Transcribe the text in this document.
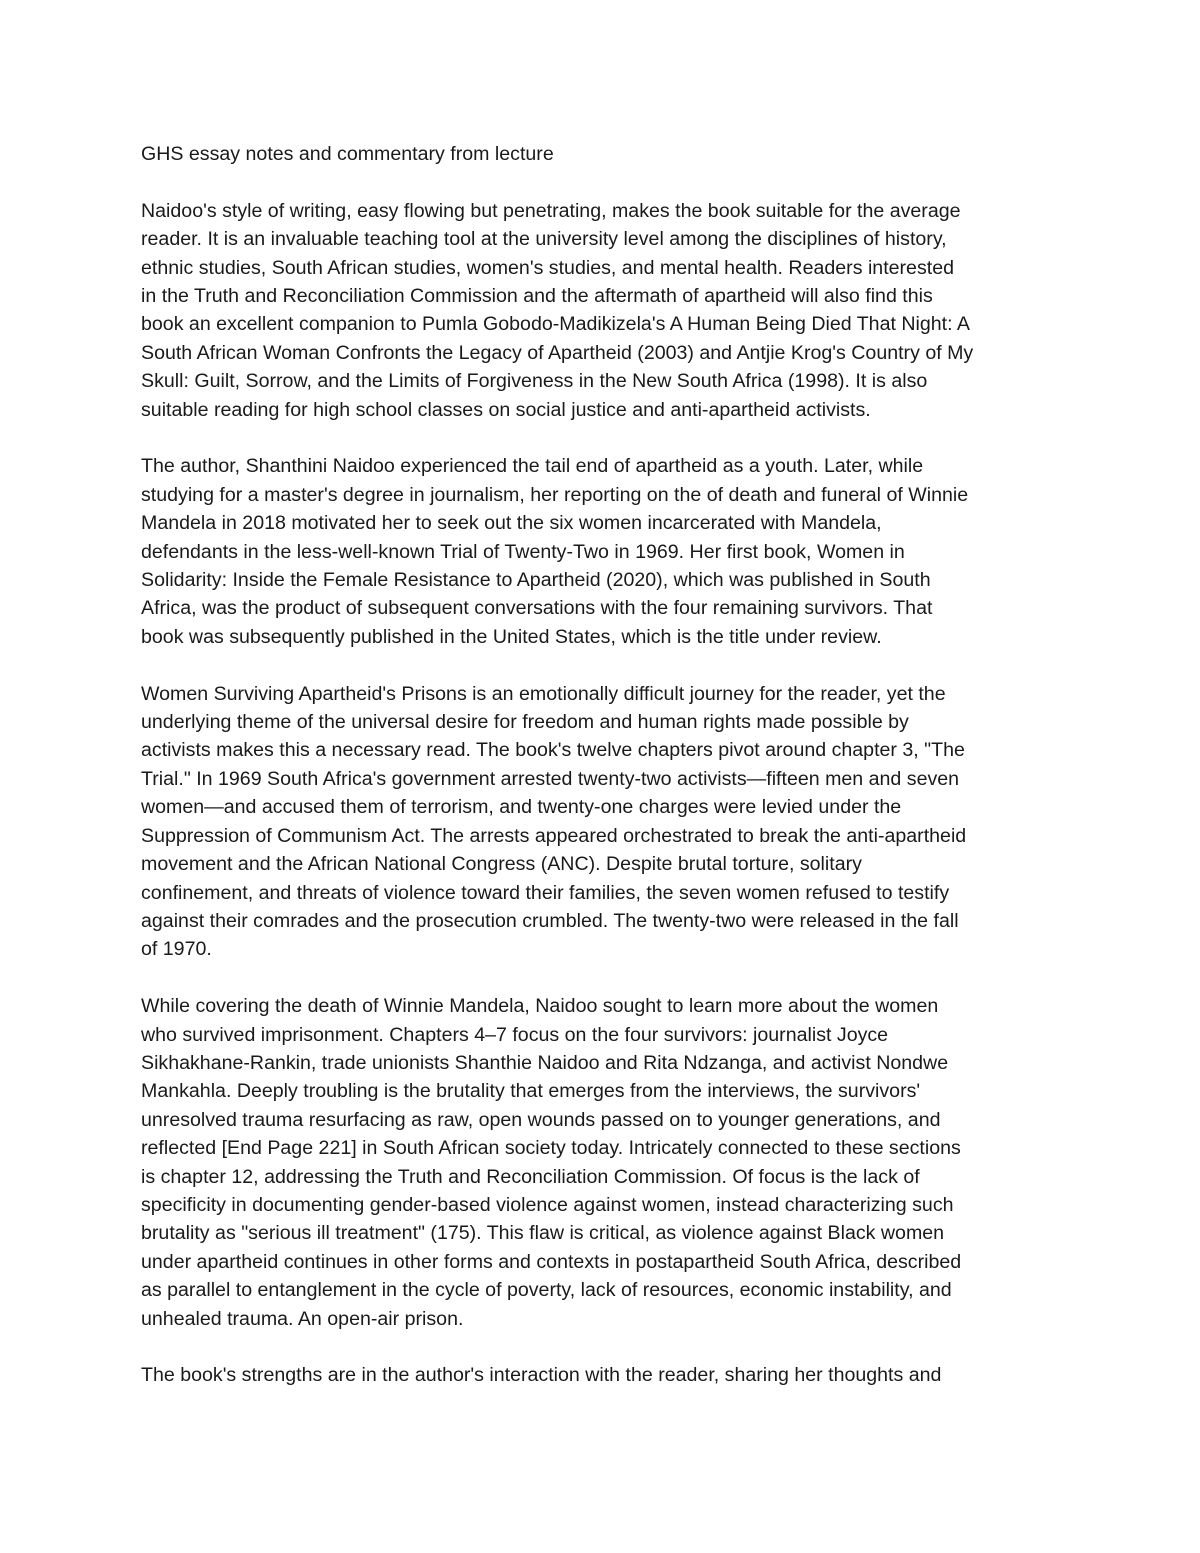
GHS essay notes and commentary from lecture
Naidoo's style of writing, easy flowing but penetrating, makes the book suitable for the average
reader. It is an invaluable teaching tool at the university level among the disciplines of history,
ethnic studies, South African studies, women's studies, and mental health. Readers interested
in the Truth and Reconciliation Commission and the aftermath of apartheid will also find this
book an excellent companion to Pumla Gobodo-Madikizela's A Human Being Died That Night: A
South African Woman Confronts the Legacy of Apartheid (2003) and Antjie Krog's Country of My
Skull: Guilt, Sorrow, and the Limits of Forgiveness in the New South Africa (1998). It is also
suitable reading for high school classes on social justice and anti-apartheid activists.
The author, Shanthini Naidoo experienced the tail end of apartheid as a youth. Later, while
studying for a master's degree in journalism, her reporting on the of death and funeral of Winnie
Mandela in 2018 motivated her to seek out the six women incarcerated with Mandela,
defendants in the less-well-known Trial of Twenty-Two in 1969. Her first book, Women in
Solidarity: Inside the Female Resistance to Apartheid (2020), which was published in South
Africa, was the product of subsequent conversations with the four remaining survivors. That
book was subsequently published in the United States, which is the title under review.
Women Surviving Apartheid's Prisons is an emotionally difficult journey for the reader, yet the
underlying theme of the universal desire for freedom and human rights made possible by
activists makes this a necessary read. The book's twelve chapters pivot around chapter 3, "The
Trial." In 1969 South Africa's government arrested twenty-two activists—fifteen men and seven
women—and accused them of terrorism, and twenty-one charges were levied under the
Suppression of Communism Act. The arrests appeared orchestrated to break the anti-apartheid
movement and the African National Congress (ANC). Despite brutal torture, solitary
confinement, and threats of violence toward their families, the seven women refused to testify
against their comrades and the prosecution crumbled. The twenty-two were released in the fall
of 1970.
While covering the death of Winnie Mandela, Naidoo sought to learn more about the women
who survived imprisonment. Chapters 4–7 focus on the four survivors: journalist Joyce
Sikhakhane-Rankin, trade unionists Shanthie Naidoo and Rita Ndzanga, and activist Nondwe
Mankahla. Deeply troubling is the brutality that emerges from the interviews, the survivors'
unresolved trauma resurfacing as raw, open wounds passed on to younger generations, and
reflected [End Page 221] in South African society today. Intricately connected to these sections
is chapter 12, addressing the Truth and Reconciliation Commission. Of focus is the lack of
specificity in documenting gender-based violence against women, instead characterizing such
brutality as "serious ill treatment" (175). This flaw is critical, as violence against Black women
under apartheid continues in other forms and contexts in postapartheid South Africa, described
as parallel to entanglement in the cycle of poverty, lack of resources, economic instability, and
unhealed trauma. An open-air prison.
The book's strengths are in the author's interaction with the reader, sharing her thoughts and
